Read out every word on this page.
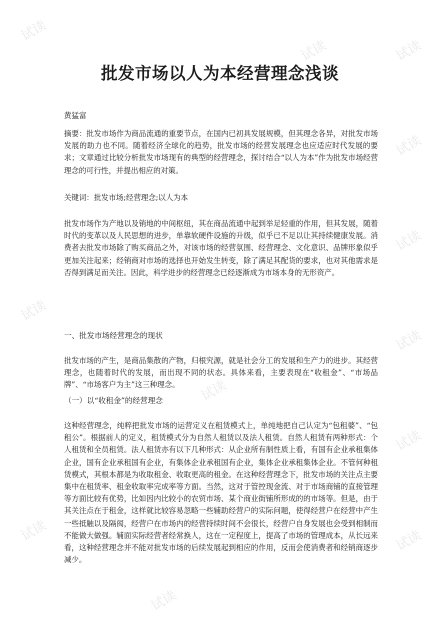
试读	试读
试读
试读
试读
试读
试读
试读
试读
试读
试读
试读
批发市场以人为本经营理念浅谈
黄猛富
摘要：批发市场作为商品流通的重要节点，在国内已初具发展规模，但其理念各异，对批发市场发展的助力也不同。随着经济全球化的趋势，批发市场的经营发展理念也应适应时代发展的要求；文章通过比较分析批发市场现有的典型的经营理念，探讨结合“以人为本”作为批发市场经营理念的可行性，并提出相应的对策。
关键词：批发市场;经营理念;以人为本
批发市场作为产地以及销地的中间枢纽，其在商品流通中起到举足轻重的作用，但其发展，随着时代的变革以及人民思想的进步，单靠软硬件设施的升级，似乎已不足以让其持续健康发展。消费者去批发市场除了购买商品之外，对该市场的经营氛围、经营理念、文化意识、品牌形象似乎更加关注起来；经销商对市场的选择也开始发生转变，除了满足其配货的要求，也对其他需求是否得到满足而关注。因此，科学进步的经营理念已经逐渐成为市场本身的无形资产。
一、批发市场经营理念的现状
批发市场的产生，是商品集散的产物，归根究源，就是社会分工的发展和生产力的进步。其经营理念，也随着时代的发展，而出现不同的状态。具体来看，主要表现在“收租金”、“市场品牌”、“市场客户为主”这三种理念。
（一）以“收租金”的经营理念
这种经营理念，纯粹把批发市场的运营定义在租赁模式上，单纯地把自己认定为“包租婆”、“包租公”。根据前人的定义，租赁模式分为自然人租赁以及法人租赁。自然人租赁有两种形式：个人租赁和全员租赁。法人租赁亦有以下几种形式：从企业所有制性质上看，有国有企业承租集体企业，国有企业承租国有企业，有集体企业承租国有企业，集体企业承租集体企业。不管何种租赁模式，其根本都是为收取租金、收取更高的租金。在这种经营理念下，批发市场的关注点主要集中在租赁率、租金收取率完成率等方面。当然，这对于管控现金流、对于市场商铺的直接管理等方面比较有优势，比如因内比较小的农贸市场、某个商业街铺所形成的的市场等。但是，由于其关注点在于租金，这样就比较容易忽略一些辅助经营户的实际问题，使得经营户在经营中产生一些抵触以及隔阂，经营户在市场内的经营持续时间不会很长，经营户自身发展也会受到相制而不能做大做强。辅面实际经营者经常换人，这在一定程度上，提高了市场的管理成本，从长远来看，这种经营理念并不能对批发市场的后续发展起到相应的作用，反而会使消费者和经销商逐步减少。
